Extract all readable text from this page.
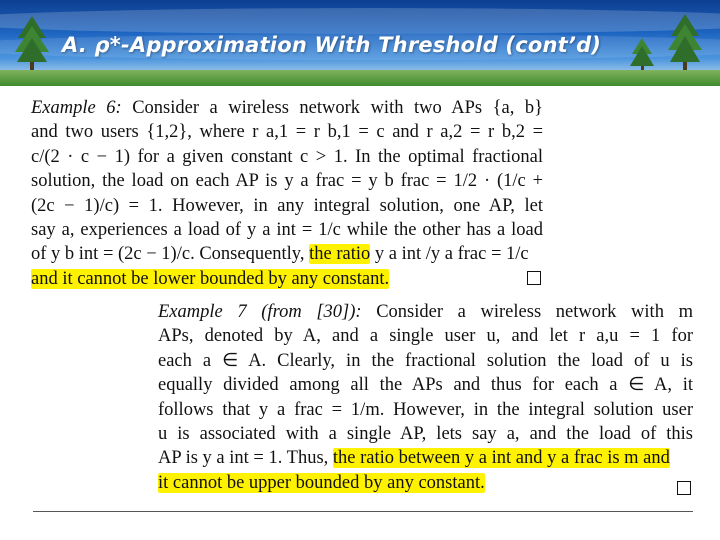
A. ρ*-Approximation With Threshold (cont’d)
Example 6: Consider a wireless network with two APs {a, b}
and two users {1,2}, where r a,1 = r b,1 = c and r a,2 = r b,2 =
c/(2 · c − 1) for a given constant c > 1. In the optimal fractional
solution, the load on each AP is y a frac = y b frac = 1/2 · (1/c +
(2c − 1)/c) = 1. However, in any integral solution, one AP, let
say a, experiences a load of y a int = 1/c while the other has a load
of y b int = (2c − 1)/c. Consequently, the ratio y a int /y a frac = 1/c
and it cannot be lower bounded by any constant.
Example 7 (from [30]): Consider a wireless network with m
APs, denoted by A, and a single user u, and let r a,u = 1 for
each a ∈ A. Clearly, in the fractional solution the load of u is
equally divided among all the APs and thus for each a ∈ A, it
follows that y a frac = 1/m. However, in the integral solution user
u is associated with a single AP, lets say a, and the load of this
AP is y a int = 1. Thus, the ratio between y a int and y a frac is m and
it cannot be upper bounded by any constant.
